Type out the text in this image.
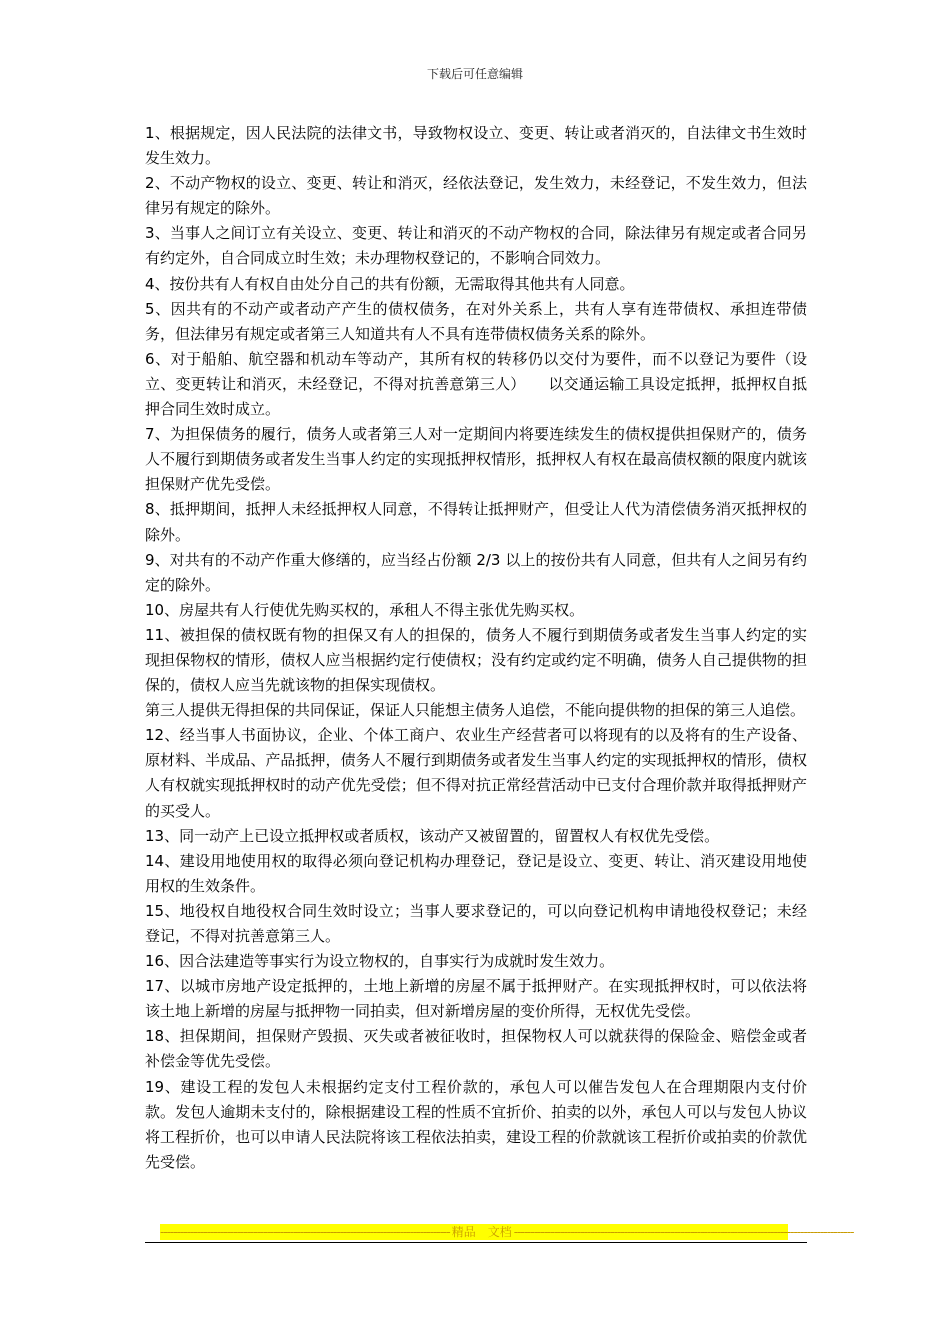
下载后可任意编辑

1、根据规定，因人民法院的法律文书，导致物权设立、变更、转让或者消灭的，自法律文书生效时发生效力。

2、不动产物权的设立、变更、转让和消灭，经依法登记，发生效力，未经登记，不发生效力，但法律另有规定的除外。

3、当事人之间订立有关设立、变更、转让和消灭的不动产物权的合同，除法律另有规定或者合同另有约定外，自合同成立时生效；未办理物权登记的，不影响合同效力。

4、按份共有人有权自由处分自己的共有份额，无需取得其他共有人同意。

5、因共有的不动产或者动产产生的债权债务，在对外关系上，共有人享有连带债权、承担连带债务，但法律另有规定或者第三人知道共有人不具有连带债权债务关系的除外。

6、对于船舶、航空器和机动车等动产，其所有权的转移仍以交付为要件，而不以登记为要件（设立、变更转让和消灭，未经登记，不得对抗善意第三人）　　以交通运输工具设定抵押，抵押权自抵押合同生效时成立。

7、为担保债务的履行，债务人或者第三人对一定期间内将要连续发生的债权提供担保财产的，债务人不履行到期债务或者发生当事人约定的实现抵押权情形，抵押权人有权在最高债权额的限度内就该担保财产优先受偿。

8、抵押期间，抵押人未经抵押权人同意，不得转让抵押财产，但受让人代为清偿债务消灭抵押权的除外。

9、对共有的不动产作重大修缮的，应当经占份额 2/3 以上的按份共有人同意，但共有人之间另有约定的除外。

10、房屋共有人行使优先购买权的，承租人不得主张优先购买权。

11、被担保的债权既有物的担保又有人的担保的，债务人不履行到期债务或者发生当事人约定的实现担保物权的情形，债权人应当根据约定行使债权；没有约定或约定不明确，债务人自己提供物的担保的，债权人应当先就该物的担保实现债权。

第三人提供无得担保的共同保证，保证人只能想主债务人追偿，不能向提供物的担保的第三人追偿。

12、经当事人书面协议，企业、个体工商户、农业生产经营者可以将现有的以及将有的生产设备、原材料、半成品、产品抵押，债务人不履行到期债务或者发生当事人约定的实现抵押权的情形，债权人有权就实现抵押权时的动产优先受偿；但不得对抗正常经营活动中已支付合理价款并取得抵押财产的买受人。

13、同一动产上已设立抵押权或者质权，该动产又被留置的，留置权人有权优先受偿。

14、建设用地使用权的取得必须向登记机构办理登记，登记是设立、变更、转让、消灭建设用地使用权的生效条件。

15、地役权自地役权合同生效时设立；当事人要求登记的，可以向登记机构申请地役权登记；未经登记，不得对抗善意第三人。

16、因合法建造等事实行为设立物权的，自事实行为成就时发生效力。

17、以城市房地产设定抵押的，土地上新增的房屋不属于抵押财产。在实现抵押权时，可以依法将该土地上新增的房屋与抵押物一同拍卖，但对新增房屋的变价所得，无权优先受偿。

18、担保期间，担保财产毁损、灭失或者被征收时，担保物权人可以就获得的保险金、赔偿金或者补偿金等优先受偿。

19、建设工程的发包人未根据约定支付工程价款的，承包人可以催告发包人在合理期限内支付价款。发包人逾期未支付的，除根据建设工程的性质不宜折价、拍卖的以外，承包人可以与发包人协议将工程折价，也可以申请人民法院将该工程依法拍卖，建设工程的价款就该工程折价或拍卖的价款优先受偿。

--------------------------------------------------------------------------------------- 精品　文档 ------------------------------------------------------------------------------------------------------
